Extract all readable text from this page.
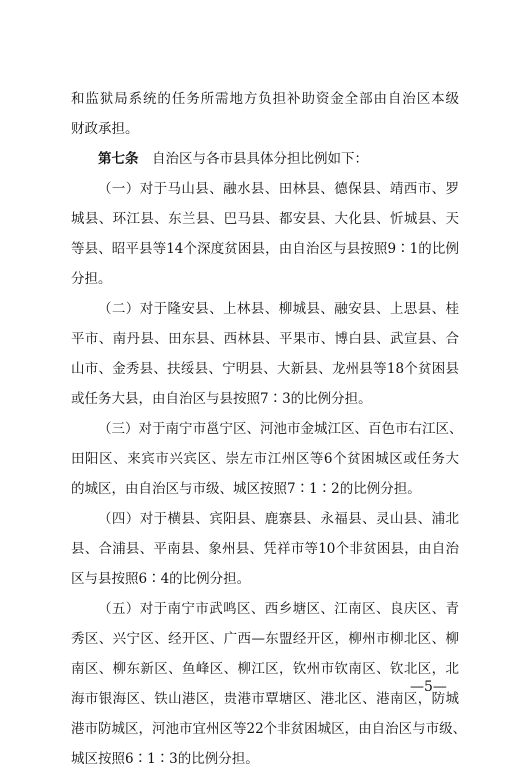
和监狱局系统的任务所需地方负担补助资金全部由自治区本级
财政承担。
第七条  自治区与各市县具体分担比例如下：
（一）对于马山县、融水县、田林县、德保县、靖西市、罗
城县、环江县、东兰县、巴马县、都安县、大化县、忻城县、天
等县、昭平县等14个深度贫困县，由自治区与县按照9∶1的比例
分担。
（二）对于隆安县、上林县、柳城县、融安县、上思县、桂
平市、南丹县、田东县、西林县、平果市、博白县、武宣县、合
山市、金秀县、扶绥县、宁明县、大新县、龙州县等18个贫困县
或任务大县，由自治区与县按照7∶3的比例分担。
（三）对于南宁市邕宁区、河池市金城江区、百色市右江区、
田阳区、来宾市兴宾区、崇左市江州区等6个贫困城区或任务大
的城区，由自治区与市级、城区按照7∶1∶2的比例分担。
（四）对于横县、宾阳县、鹿寨县、永福县、灵山县、浦北
县、合浦县、平南县、象州县、凭祥市等10个非贫困县，由自治
区与县按照6∶4的比例分担。
（五）对于南宁市武鸣区、西乡塘区、江南区、良庆区、青
秀区、兴宁区、经开区、广西—东盟经开区，柳州市柳北区、柳
南区、柳东新区、鱼峰区、柳江区，钦州市钦南区、钦北区，北
海市银海区、铁山港区，贵港市覃塘区、港北区、港南区，防城
港市防城区，河池市宜州区等22个非贫困城区，由自治区与市级、
城区按照6∶1∶3的比例分担。
—5—
